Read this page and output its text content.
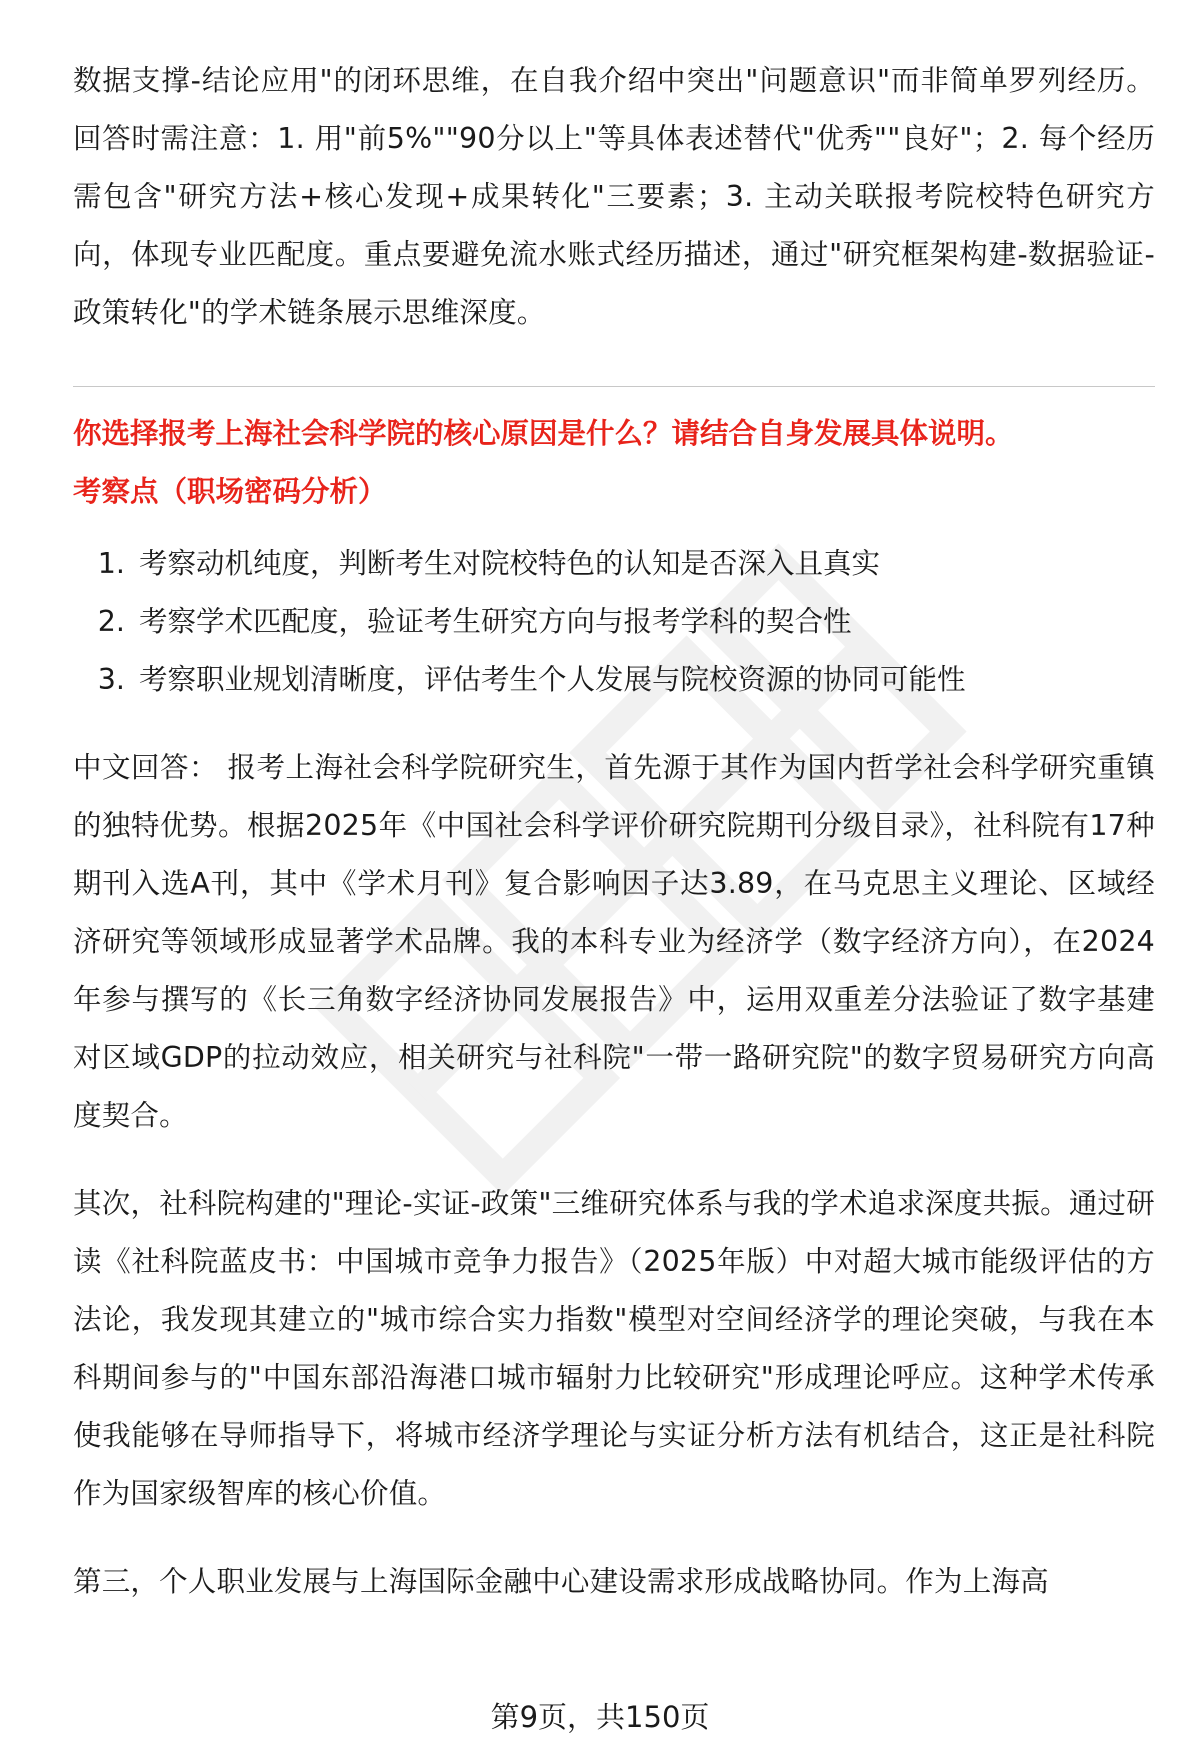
数据支撑-结论应用"的闭环思维，在自我介绍中突出"问题意识"而非简单罗列经历。回答时需注意：1. 用"前5%""90分以上"等具体表述替代"优秀""良好"；2. 每个经历需包含"研究方法+核心发现+成果转化"三要素；3. 主动关联报考院校特色研究方向，体现专业匹配度。重点要避免流水账式经历描述，通过"研究框架构建-数据验证-政策转化"的学术链条展示思维深度。

你选择报考上海社会科学院的核心原因是什么？请结合自身发展具体说明。

考察点（职场密码分析）

1. 考察动机纯度，判断考生对院校特色的认知是否深入且真实
2. 考察学术匹配度，验证考生研究方向与报考学科的契合性
3. 考察职业规划清晰度，评估考生个人发展与院校资源的协同可能性

中文回答： 报考上海社会科学院研究生，首先源于其作为国内哲学社会科学研究重镇的独特优势。根据2025年《中国社会科学评价研究院期刊分级目录》，社科院有17种期刊入选A刊，其中《学术月刊》复合影响因子达3.89，在马克思主义理论、区域经济研究等领域形成显著学术品牌。我的本科专业为经济学（数字经济方向），在2024年参与撰写的《长三角数字经济协同发展报告》中，运用双重差分法验证了数字基建对区域GDP的拉动效应，相关研究与社科院"一带一路研究院"的数字贸易研究方向高度契合。

其次，社科院构建的"理论-实证-政策"三维研究体系与我的学术追求深度共振。通过研读《社科院蓝皮书：中国城市竞争力报告》（2025年版）中对超大城市能级评估的方法论，我发现其建立的"城市综合实力指数"模型对空间经济学的理论突破，与我在本科期间参与的"中国东部沿海港口城市辐射力比较研究"形成理论呼应。这种学术传承使我能够在导师指导下，将城市经济学理论与实证分析方法有机结合，这正是社科院作为国家级智库的核心价值。

第三，个人职业发展与上海国际金融中心建设需求形成战略协同。作为上海高

第9页，共150页
